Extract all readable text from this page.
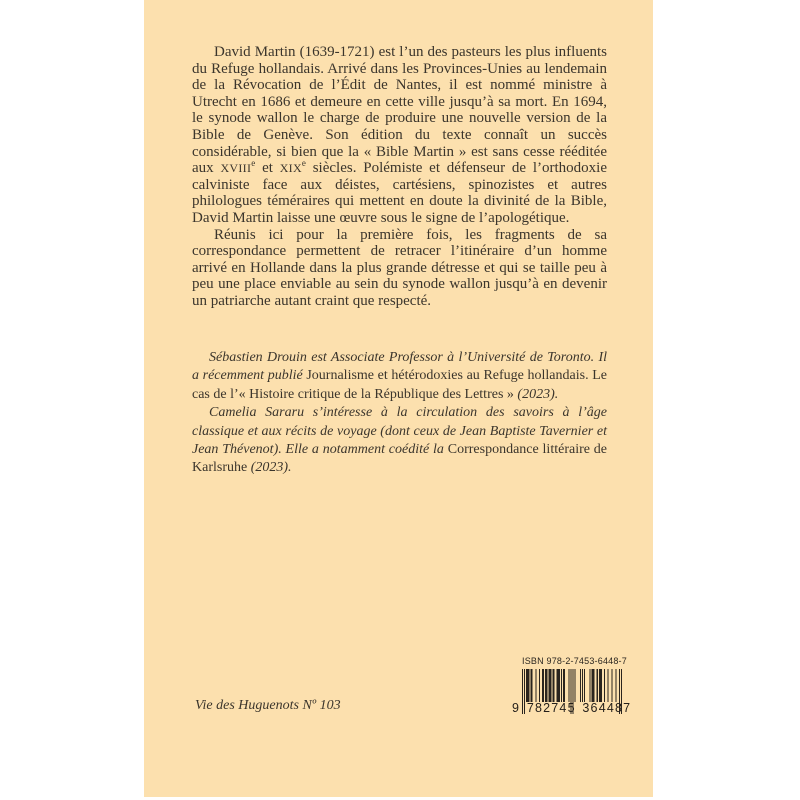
David Martin (1639-1721) est l’un des pasteurs les plus influents du Refuge hollandais. Arrivé dans les Provinces-Unies au lendemain de la Révocation de l’Édit de Nantes, il est nommé ministre à Utrecht en 1686 et demeure en cette ville jusqu’à sa mort. En 1694, le synode wallon le charge de produire une nouvelle version de la Bible de Genève. Son édition du texte connaît un succès considérable, si bien que la « Bible Martin » est sans cesse rééditée aux XVIIIe et XIXe siècles. Polémiste et défenseur de l’orthodoxie calviniste face aux déistes, cartésiens, spinozistes et autres philologues téméraires qui mettent en doute la divinité de la Bible, David Martin laisse une œuvre sous le signe de l’apologétique.

Réunis ici pour la première fois, les fragments de sa correspondance permettent de retracer l’itinéraire d’un homme arrivé en Hollande dans la plus grande détresse et qui se taille peu à peu une place enviable au sein du synode wallon jusqu’à en devenir un patriarche autant craint que respecté.

Sébastien Drouin est Associate Professor à l’Université de Toronto. Il a récemment publié Journalisme et hétérodoxies au Refuge hollandais. Le cas de l’« Histoire critique de la République des Lettres » (2023).

Camelia Sararu s’intéresse à la circulation des savoirs à l’âge classique et aux récits de voyage (dont ceux de Jean Baptiste Tavernier et Jean Thévenot). Elle a notamment coédité la Correspondance littéraire de Karlsruhe (2023).

Vie des Huguenots Nº 103
ISBN 978-2-7453-6448-7
9 782745 364487
